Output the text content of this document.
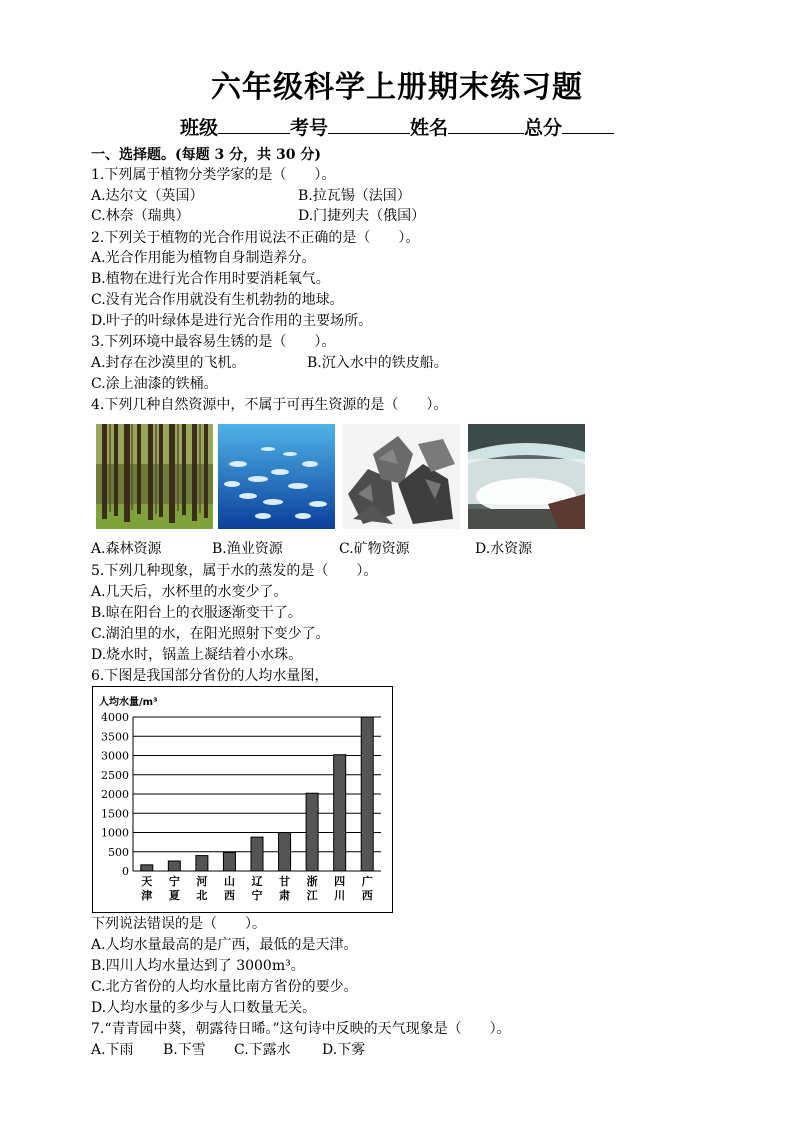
六年级科学上册期末练习题
班级	考号	姓名	总分
一、选择题。(每题 3 分，共 30 分)
1.下列属于植物分类学家的是（　　）。
A.达尔文（英国）	B.拉瓦锡（法国）
C.林奈（瑞典）	D.门捷列夫（俄国）
2.下列关于植物的光合作用说法不正确的是（　　）。
A.光合作用能为植物自身制造养分。
B.植物在进行光合作用时要消耗氧气。
C.没有光合作用就没有生机勃勃的地球。
D.叶子的叶绿体是进行光合作用的主要场所。
3.下列环境中最容易生锈的是（　　）。
A.封存在沙漠里的飞机。	B.沉入水中的铁皮船。
C.涂上油漆的铁桶。
4.下列几种自然资源中，不属于可再生资源的是（　　）。
A.森林资源	B.渔业资源	C.矿物资源	D.水资源
5.下列几种现象，属于水的蒸发的是（　　）。
A.几天后，水杯里的水变少了。
B.晾在阳台上的衣服逐渐变干了。
C.湖泊里的水，在阳光照射下变少了。
D.烧水时，锅盖上凝结着小水珠。
6.下图是我国部分省份的人均水量图，
人均水量/m³
0
500
1000
1500
2000
2500
3000
3500
4000
天
津
宁
夏
河
北
山
西
辽
宁
甘
肃
浙
江
四
川
广
西
下列说法错误的是（　　）。
A.人均水量最高的是广西，最低的是天津。
B.四川人均水量达到了 3000m³。
C.北方省份的人均水量比南方省份的要少。
D.人均水量的多少与人口数量无关。
7.“青青园中葵，朝露待日晞。”这句诗中反映的天气现象是（　　）。
A.下雨 B.下雪 C.下露水 D.下雾
